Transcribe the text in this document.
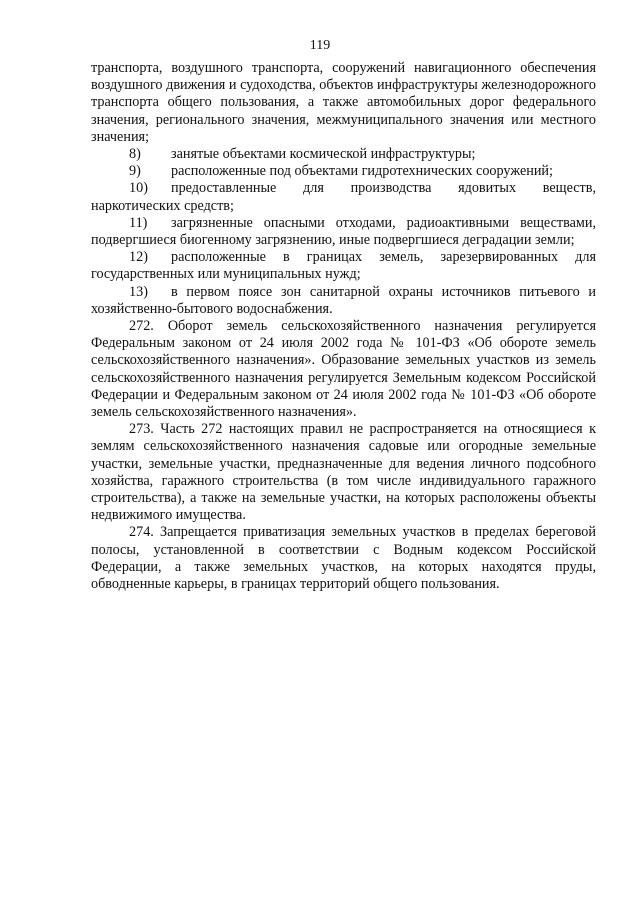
119

транспорта, воздушного транспорта, сооружений навигационного обеспечения воздушного движения и судоходства, объектов инфраструктуры железнодорожного транспорта общего пользования, а также автомобильных дорог федерального значения, регионального значения, межмуниципального значения или местного значения;

8) занятые объектами космической инфраструктуры;

9) расположенные под объектами гидротехнических сооружений;

10) предоставленные для производства ядовитых веществ, наркотических средств;

11) загрязненные опасными отходами, радиоактивными веществами, подвергшиеся биогенному загрязнению, иные подвергшиеся деградации земли;

12) расположенные в границах земель, зарезервированных для государственных или муниципальных нужд;

13) в первом поясе зон санитарной охраны источников питьевого и хозяйственно-бытового водоснабжения.

272. Оборот земель сельскохозяйственного назначения регулируется Федеральным законом от 24 июля 2002 года № 101-ФЗ «Об обороте земель сельскохозяйственного назначения». Образование земельных участков из земель сельскохозяйственного назначения регулируется Земельным кодексом Российской Федерации и Федеральным законом от 24 июля 2002 года № 101-ФЗ «Об обороте земель сельскохозяйственного назначения».

273. Часть 272 настоящих правил не распространяется на относящиеся к землям сельскохозяйственного назначения садовые или огородные земельные участки, земельные участки, предназначенные для ведения личного подсобного хозяйства, гаражного строительства (в том числе индивидуального гаражного строительства), а также на земельные участки, на которых расположены объекты недвижимого имущества.

274. Запрещается приватизация земельных участков в пределах береговой полосы, установленной в соответствии с Водным кодексом Российской Федерации, а также земельных участков, на которых находятся пруды, обводненные карьеры, в границах территорий общего пользования.
